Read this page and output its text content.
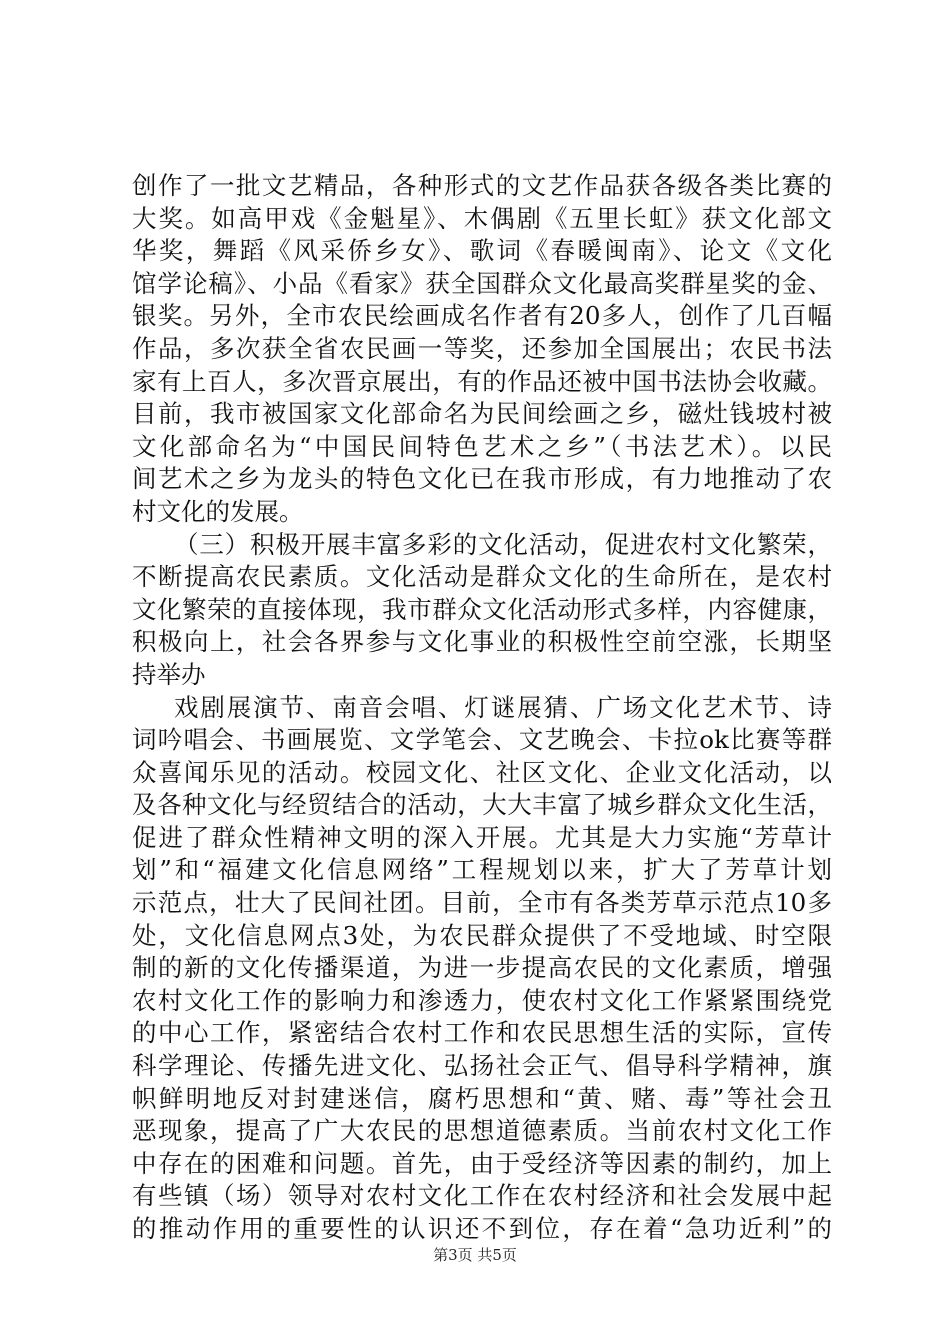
创作了一批文艺精品，各种形式的文艺作品获各级各类比赛的
大奖。如高甲戏《金魁星》、木偶剧《五里长虹》获文化部文
华奖，舞蹈《风采侨乡女》、歌词《春暖闽南》、论文《文化
馆学论稿》、小品《看家》获全国群众文化最高奖群星奖的金、
银奖。另外，全市农民绘画成名作者有20多人，创作了几百幅
作品，多次获全省农民画一等奖，还参加全国展出；农民书法
家有上百人，多次晋京展出，有的作品还被中国书法协会收藏。
目前，我市被国家文化部命名为民间绘画之乡，磁灶钱坡村被
文化部命名为“中国民间特色艺术之乡”（书法艺术）。以民
间艺术之乡为龙头的特色文化已在我市形成，有力地推动了农
村文化的发展。
（三）积极开展丰富多彩的文化活动，促进农村文化繁荣，
不断提高农民素质。文化活动是群众文化的生命所在，是农村
文化繁荣的直接体现，我市群众文化活动形式多样，内容健康，
积极向上，社会各界参与文化事业的积极性空前空涨，长期坚
持举办
戏剧展演节、南音会唱、灯谜展猜、广场文化艺术节、诗
词吟唱会、书画展览、文学笔会、文艺晚会、卡拉ok比赛等群
众喜闻乐见的活动。校园文化、社区文化、企业文化活动，以
及各种文化与经贸结合的活动，大大丰富了城乡群众文化生活，
促进了群众性精神文明的深入开展。尤其是大力实施“芳草计
划”和“福建文化信息网络”工程规划以来，扩大了芳草计划
示范点，壮大了民间社团。目前，全市有各类芳草示范点10多
处，文化信息网点3处，为农民群众提供了不受地域、时空限
制的新的文化传播渠道，为进一步提高农民的文化素质，增强
农村文化工作的影响力和渗透力，使农村文化工作紧紧围绕党
的中心工作，紧密结合农村工作和农民思想生活的实际，宣传
科学理论、传播先进文化、弘扬社会正气、倡导科学精神，旗
帜鲜明地反对封建迷信，腐朽思想和“黄、赌、毒”等社会丑
恶现象，提高了广大农民的思想道德素质。当前农村文化工作
中存在的困难和问题。首先，由于受经济等因素的制约，加上
有些镇（场）领导对农村文化工作在农村经济和社会发展中起
的推动作用的重要性的认识还不到位，存在着“急功近利”的
第3页 共5页
